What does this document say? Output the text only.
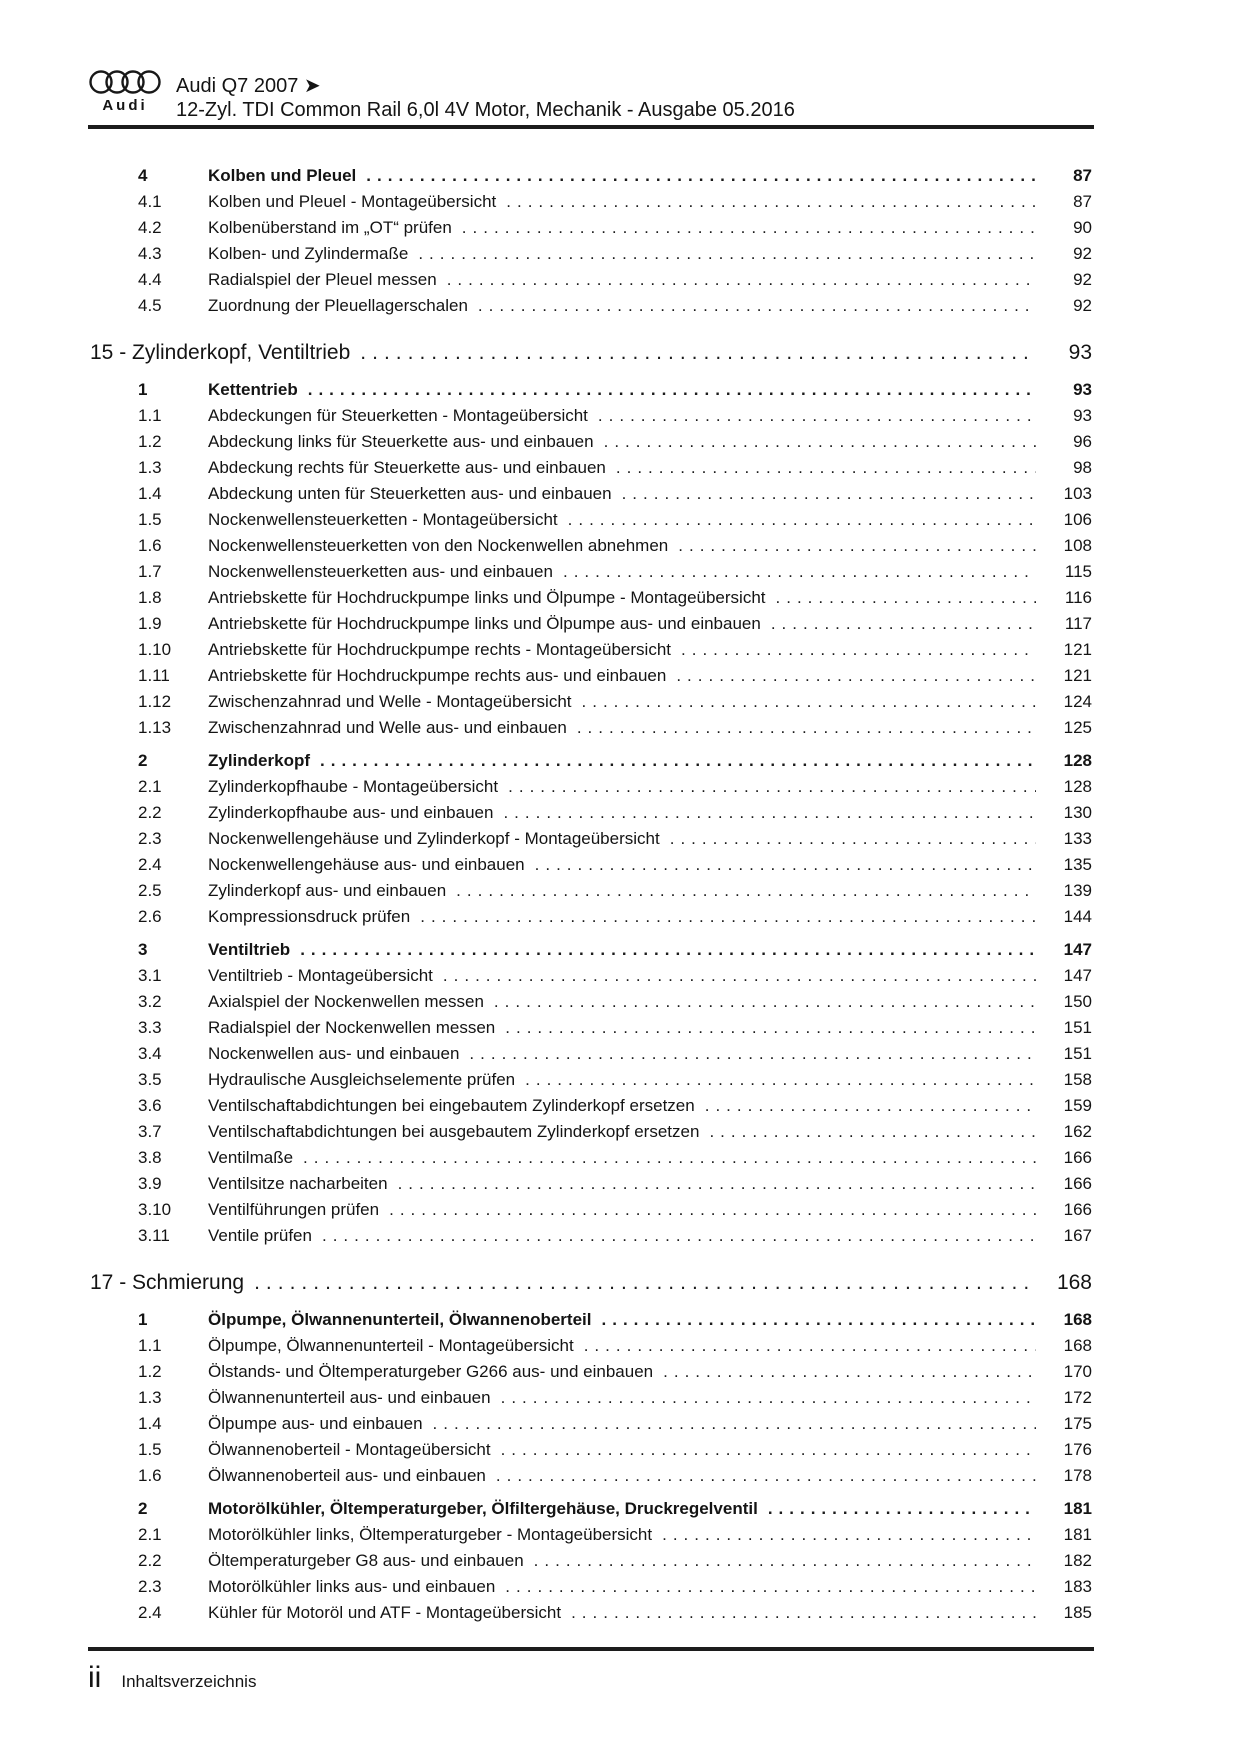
Audi
Audi Q7 2007 ➤
12-Zyl. TDI Common Rail 6,0l 4V Motor, Mechanik - Ausgabe 05.2016
4	Kolben und Pleuel .....	87
4.1	Kolben und Pleuel - Montageübersicht .....	87
4.2	Kolbenüberstand im „OT“ prüfen .....	90
4.3	Kolben- und Zylindermaße .....	92
4.4	Radialspiel der Pleuel messen .....	92
4.5	Zuordnung der Pleuellagerschalen .....	92
15 - Zylinderkopf, Ventiltrieb .....	93
1	Kettentrieb .....	93
1.1	Abdeckungen für Steuerketten - Montageübersicht .....	93
1.2	Abdeckung links für Steuerkette aus- und einbauen .....	96
1.3	Abdeckung rechts für Steuerkette aus- und einbauen .....	98
1.4	Abdeckung unten für Steuerketten aus- und einbauen .....	103
1.5	Nockenwellensteuerketten - Montageübersicht .....	106
1.6	Nockenwellensteuerketten von den Nockenwellen abnehmen .....	108
1.7	Nockenwellensteuerketten aus- und einbauen .....	115
1.8	Antriebskette für Hochdruckpumpe links und Ölpumpe - Montageübersicht .....	116
1.9	Antriebskette für Hochdruckpumpe links und Ölpumpe aus- und einbauen .....	117
1.10	Antriebskette für Hochdruckpumpe rechts - Montageübersicht .....	121
1.11	Antriebskette für Hochdruckpumpe rechts aus- und einbauen .....	121
1.12	Zwischenzahnrad und Welle - Montageübersicht .....	124
1.13	Zwischenzahnrad und Welle aus- und einbauen .....	125
2	Zylinderkopf .....	128
2.1	Zylinderkopfhaube - Montageübersicht .....	128
2.2	Zylinderkopfhaube aus- und einbauen .....	130
2.3	Nockenwellengehäuse und Zylinderkopf - Montageübersicht .....	133
2.4	Nockenwellengehäuse aus- und einbauen .....	135
2.5	Zylinderkopf aus- und einbauen .....	139
2.6	Kompressionsdruck prüfen .....	144
3	Ventiltrieb .....	147
3.1	Ventiltrieb - Montageübersicht .....	147
3.2	Axialspiel der Nockenwellen messen .....	150
3.3	Radialspiel der Nockenwellen messen .....	151
3.4	Nockenwellen aus- und einbauen .....	151
3.5	Hydraulische Ausgleichselemente prüfen .....	158
3.6	Ventilschaftabdichtungen bei eingebautem Zylinderkopf ersetzen .....	159
3.7	Ventilschaftabdichtungen bei ausgebautem Zylinderkopf ersetzen .....	162
3.8	Ventilmaße .....	166
3.9	Ventilsitze nacharbeiten .....	166
3.10	Ventilführungen prüfen .....	166
3.11	Ventile prüfen .....	167
17 - Schmierung .....	168
1	Ölpumpe, Ölwannenunterteil, Ölwannenoberteil .....	168
1.1	Ölpumpe, Ölwannenunterteil - Montageübersicht .....	168
1.2	Ölstands- und Öltemperaturgeber G266 aus- und einbauen .....	170
1.3	Ölwannenunterteil aus- und einbauen .....	172
1.4	Ölpumpe aus- und einbauen .....	175
1.5	Ölwannenoberteil - Montageübersicht .....	176
1.6	Ölwannenoberteil aus- und einbauen .....	178
2	Motorölkühler, Öltemperaturgeber, Ölfiltergehäuse, Druckregelventil .....	181
2.1	Motorölkühler links, Öltemperaturgeber - Montageübersicht .....	181
2.2	Öltemperaturgeber G8 aus- und einbauen .....	182
2.3	Motorölkühler links aus- und einbauen .....	183
2.4	Kühler für Motoröl und ATF - Montageübersicht .....	185
ii Inhaltsverzeichnis
